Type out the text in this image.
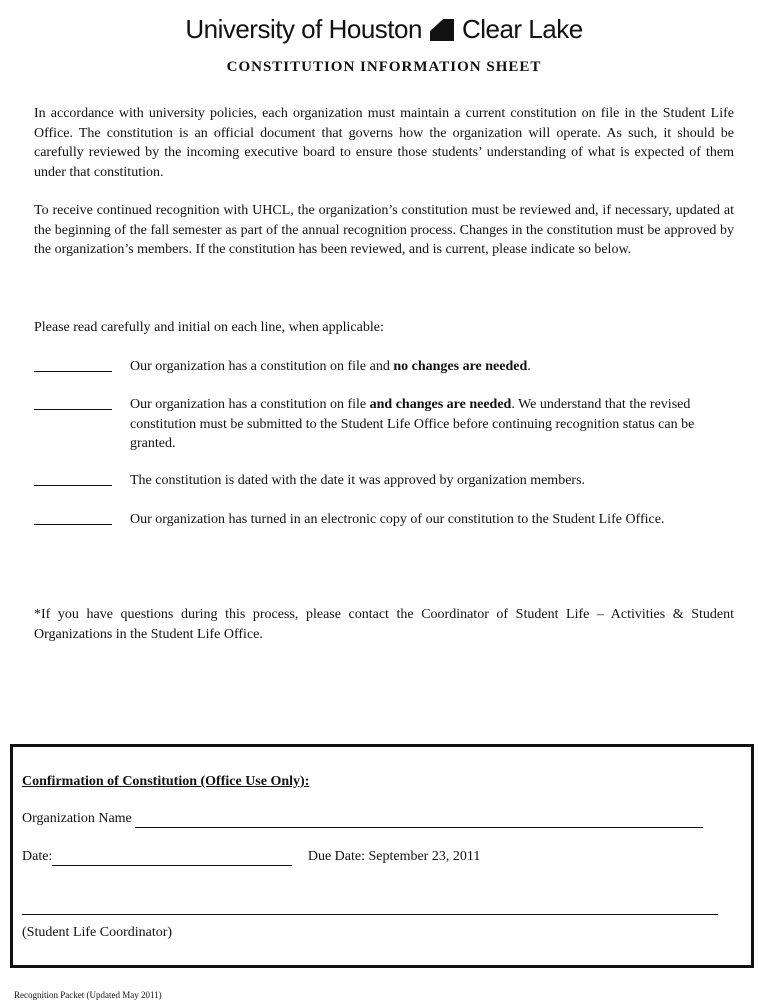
University of Houston Clear Lake
CONSTITUTION INFORMATION SHEET
In accordance with university policies, each organization must maintain a current constitution on file in the Student Life Office. The constitution is an official document that governs how the organization will operate. As such, it should be carefully reviewed by the incoming executive board to ensure those students’ understanding of what is expected of them under that constitution.
To receive continued recognition with UHCL, the organization’s constitution must be reviewed and, if necessary, updated at the beginning of the fall semester as part of the annual recognition process. Changes in the constitution must be approved by the organization’s members. If the constitution has been reviewed, and is current, please indicate so below.
Please read carefully and initial on each line, when applicable:
Our organization has a constitution on file and no changes are needed.
Our organization has a constitution on file and changes are needed. We understand that the revised constitution must be submitted to the Student Life Office before continuing recognition status can be granted.
The constitution is dated with the date it was approved by organization members.
Our organization has turned in an electronic copy of our constitution to the Student Life Office.
*If you have questions during this process, please contact the Coordinator of Student Life – Activities & Student Organizations in the Student Life Office.
Confirmation of Constitution (Office Use Only):
Organization Name
Date:	Due Date: September 23, 2011
(Student Life Coordinator)
Recognition Packet (Updated May 2011)
